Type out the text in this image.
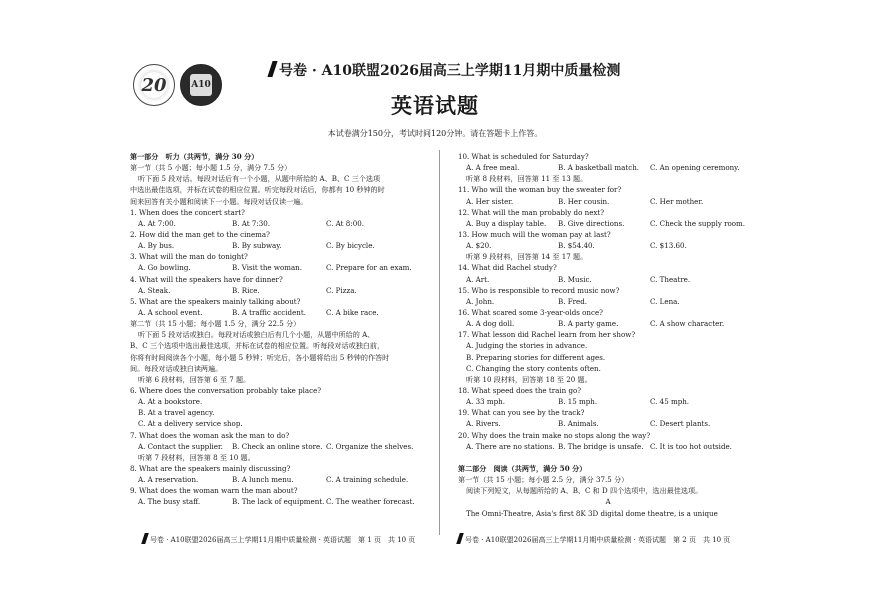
20	A10
号卷 · A10联盟2026届高三上学期11月期中质量检测
英语试题
本试卷满分150分，考试时间120分钟。请在答题卡上作答。
第一部分　听力（共两节，满分 30 分）
第一节（共 5 小题；每小题 1.5 分，满分 7.5 分）
听下面 5 段对话。每段对话后有一个小题，从题中所给的 A、B、C 三个选项
中选出最佳选项，并标在试卷的相应位置。听完每段对话后，你都有 10 秒钟的时
间来回答有关小题和阅读下一小题。每段对话仅读一遍。
1. When does the concert start?
A. At 7:00.	B. At 7:30.	C. At 8:00.
2. How did the man get to the cinema?
A. By bus.	B. By subway.	C. By bicycle.
3. What will the man do tonight?
A. Go bowling.	B. Visit the woman.	C. Prepare for an exam.
4. What will the speakers have for dinner?
A. Steak.	B. Rice.	C. Pizza.
5. What are the speakers mainly talking about?
A. A school event.	B. A traffic accident.	C. A bike race.
第二节（共 15 小题；每小题 1.5 分，满分 22.5 分）
听下面 5 段对话或独白。每段对话或独白后有几个小题，从题中所给的 A、
B、C 三个选项中选出最佳选项，并标在试卷的相应位置。听每段对话或独白前，
你将有时间阅读各个小题，每小题 5 秒钟；听完后，各小题将给出 5 秒钟的作答时
间。每段对话或独白读两遍。
听第 6 段材料，回答第 6 至 7 题。
6. Where does the conversation probably take place?
A. At a bookstore.
B. At a travel agency.
C. At a delivery service shop.
7. What does the woman ask the man to do?
A. Contact the supplier.	B. Check an online store. C. Organize the shelves.
听第 7 段材料，回答第 8 至 10 题。
8. What are the speakers mainly discussing?
A. A reservation.	B. A lunch menu.	C. A training schedule.
9. What does the woman warn the man about?
A. The busy staff.	B. The lack of equipment. C. The weather forecast.
10. What is scheduled for Saturday?
A. A free meal.	B. A basketball match.	C. An opening ceremony.
听第 8 段材料，回答第 11 至 13 题。
11. Who will the woman buy the sweater for?
A. Her sister.	B. Her cousin.	C. Her mother.
12. What will the man probably do next?
A. Buy a display table.	B. Give directions.	C. Check the supply room.
13. How much will the woman pay at last?
A. $20.	B. $54.40.	C. $13.60.
听第 9 段材料，回答第 14 至 17 题。
14. What did Rachel study?
A. Art.	B. Music.	C. Theatre.
15. Who is responsible to record music now?
A. John.	B. Fred.	C. Lena.
16. What scared some 3-year-olds once?
A. A dog doll.	B. A party game.	C. A show character.
17. What lesson did Rachel learn from her show?
A. Judging the stories in advance.
B. Preparing stories for different ages.
C. Changing the story contents often.
听第 10 段材料，回答第 18 至 20 题。
18. What speed does the train go?
A. 33 mph.	B. 15 mph.	C. 45 mph.
19. What can you see by the track?
A. Rivers.	B. Animals.	C. Desert plants.
20. Why does the train make no stops along the way?
A. There are no stations. B. The bridge is unsafe. C. It is too hot outside.
第二部分　阅读（共两节，满分 50 分）
第一节（共 15 小题；每小题 2.5 分，满分 37.5 分）
阅读下列短文，从每题所给的 A、B、C 和 D 四个选项中，选出最佳选项。
A
The Omni-Theatre, Asia's first 8K 3D digital dome theatre, is a unique
号卷 · A10联盟2026届高三上学期11月期中质量检测 · 英语试题　第 1 页　共 10 页	号卷 · A10联盟2026届高三上学期11月期中质量检测 · 英语试题　第 2 页　共 10 页
